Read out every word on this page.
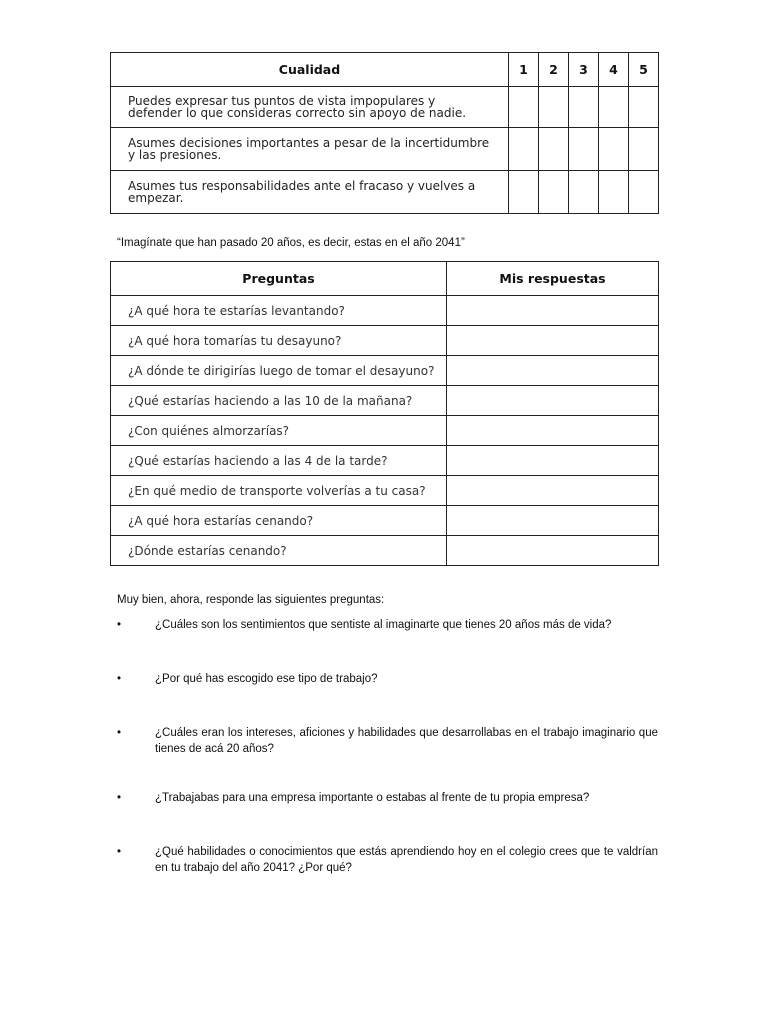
Cualidad	1	2	3	4	5
Puedes expresar tus puntos de vista impopulares y defender lo que consideras correcto sin apoyo de nadie.					
Asumes decisiones importantes a pesar de la incertidumbre y las presiones.					
Asumes tus responsabilidades ante el fracaso y vuelves a empezar.					
“Imagínate que han pasado 20 años, es decir, estas en el año 2041”
Preguntas	Mis respuestas
¿A qué hora te estarías levantando?	
¿A qué hora tomarías tu desayuno?	
¿A dónde te dirigirías luego de tomar el desayuno?	
¿Qué estarías haciendo a las 10 de la mañana?	
¿Con quiénes almorzarías?	
¿Qué estarías haciendo a las 4 de la tarde?	
¿En qué medio de transporte volverías a tu casa?	
¿A qué hora estarías cenando?	
¿Dónde estarías cenando?	
Muy bien, ahora, responde las siguientes preguntas:
•	¿Cuáles son los sentimientos que sentiste al imaginarte que tienes 20 años más de vida?
•	¿Por qué has escogido ese tipo de trabajo?
•	¿Cuáles eran los intereses, aficiones y habilidades que desarrollabas en el trabajo imaginario que tienes de acá 20 años?
•	¿Trabajabas para una empresa importante o estabas al frente de tu propia empresa?
•	¿Qué habilidades o conocimientos que estás aprendiendo hoy en el colegio crees que te valdrían en tu trabajo del año 2041? ¿Por qué?
